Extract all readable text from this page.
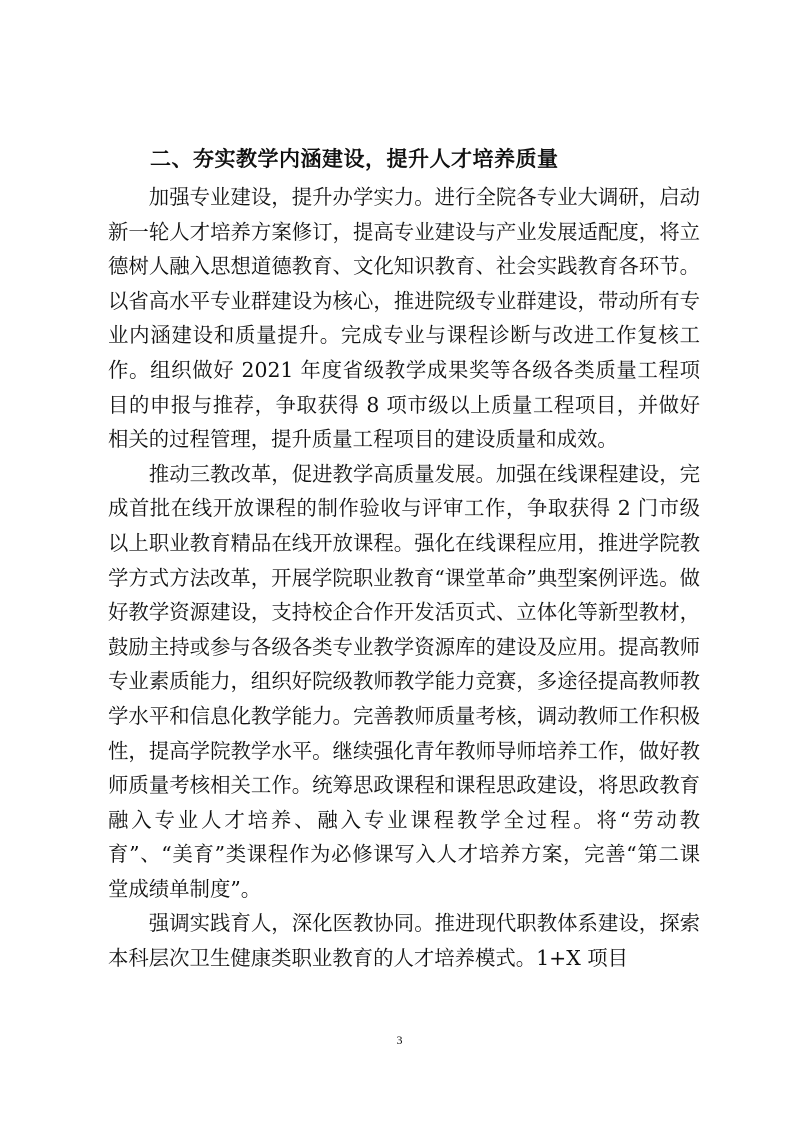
二、夯实教学内涵建设，提升人才培养质量

加强专业建设，提升办学实力。进行全院各专业大调研，启动新一轮人才培养方案修订，提高专业建设与产业发展适配度，将立德树人融入思想道德教育、文化知识教育、社会实践教育各环节。以省高水平专业群建设为核心，推进院级专业群建设，带动所有专业内涵建设和质量提升。完成专业与课程诊断与改进工作复核工作。组织做好 2021 年度省级教学成果奖等各级各类质量工程项目的申报与推荐，争取获得 8 项市级以上质量工程项目，并做好相关的过程管理，提升质量工程项目的建设质量和成效。

推动三教改革，促进教学高质量发展。加强在线课程建设，完成首批在线开放课程的制作验收与评审工作，争取获得 2 门市级以上职业教育精品在线开放课程。强化在线课程应用，推进学院教学方式方法改革，开展学院职业教育“课堂革命”典型案例评选。做好教学资源建设，支持校企合作开发活页式、立体化等新型教材，鼓励主持或参与各级各类专业教学资源库的建设及应用。提高教师专业素质能力，组织好院级教师教学能力竞赛，多途径提高教师教学水平和信息化教学能力。完善教师质量考核，调动教师工作积极性，提高学院教学水平。继续强化青年教师导师培养工作，做好教师质量考核相关工作。统筹思政课程和课程思政建设，将思政教育融入专业人才培养、融入专业课程教学全过程。将“劳动教育”、“美育”类课程作为必修课写入人才培养方案，完善“第二课堂成绩单制度”。

强调实践育人，深化医教协同。推进现代职教体系建设，探索本科层次卫生健康类职业教育的人才培养模式。1+X 项目

3
